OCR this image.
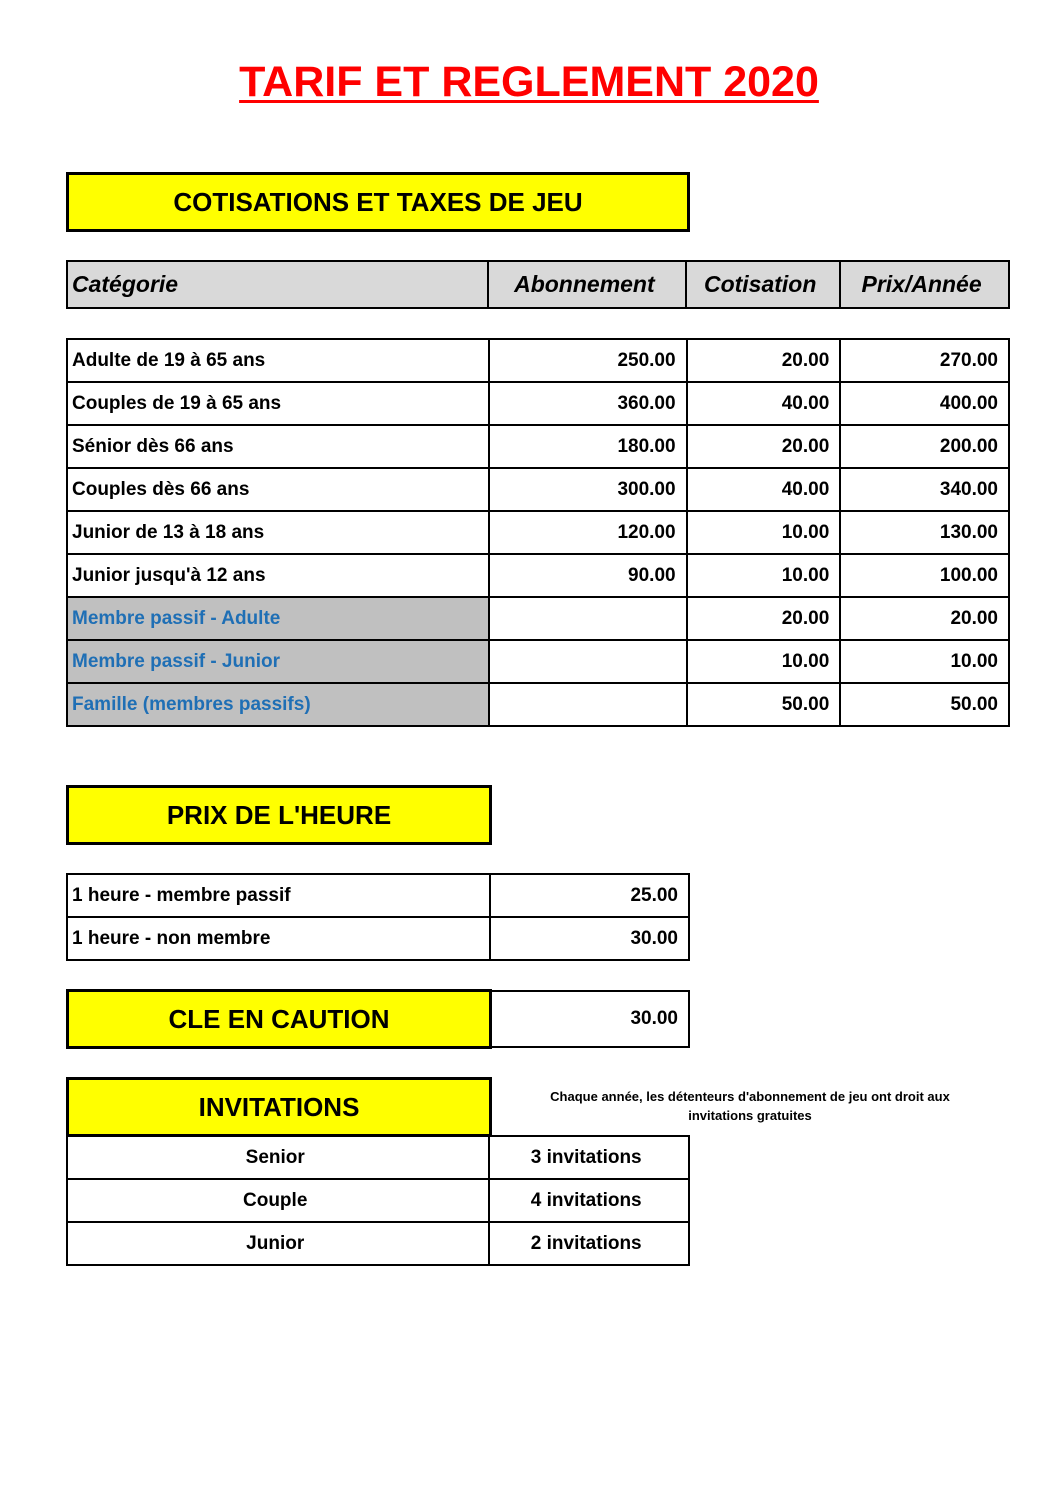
TARIF ET REGLEMENT 2020
COTISATIONS ET TAXES DE JEU
Catégorie	Abonnement	Cotisation	Prix/Année
Adulte de 19 à 65 ans	250.00	20.00	270.00
Couples de 19 à 65 ans	360.00	40.00	400.00
Sénior dès 66 ans	180.00	20.00	200.00
Couples dès 66 ans	300.00	40.00	340.00
Junior de 13 à 18 ans	120.00	10.00	130.00
Junior jusqu'à 12 ans	90.00	10.00	100.00
Membre passif - Adulte		20.00	20.00
Membre passif - Junior		10.00	10.00
Famille (membres passifs)		50.00	50.00
PRIX DE L'HEURE
1 heure - membre passif	25.00
1 heure - non membre	30.00
CLE EN CAUTION	30.00
INVITATIONS	Chaque année, les détenteurs d'abonnement de jeu ont droit aux invitations gratuites
Senior	3 invitations
Couple	4 invitations
Junior	2 invitations
